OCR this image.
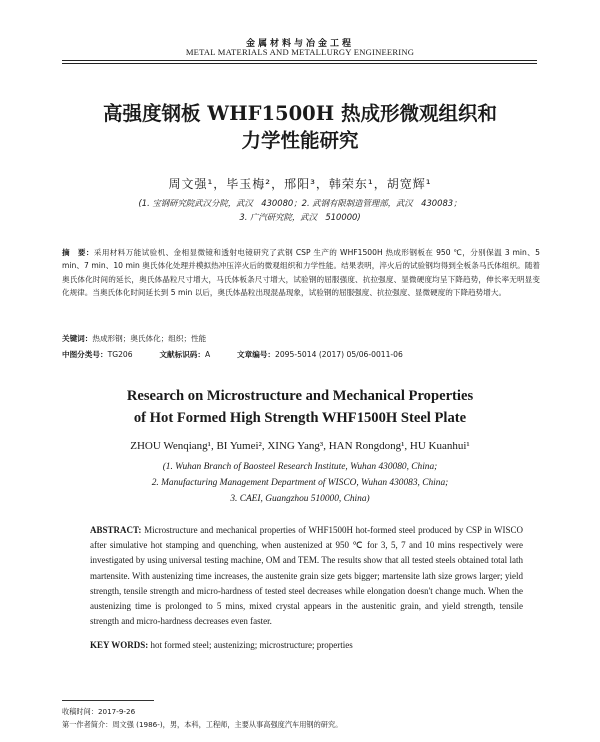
金属材料与冶金工程
METAL MATERIALS AND METALLURGY ENGINEERING
高强度钢板 WHF1500H 热成形微观组织和
力学性能研究
周文强¹，毕玉梅²，邢阳³，韩荣东¹，胡宽辉¹
(1. 宝钢研究院武汉分院，武汉　430080；2. 武钢有限制造管理部，武汉　430083；
3. 广汽研究院，武汉　510000)
摘　要：采用材料万能试验机、金相显微镜和透射电镜研究了武钢 CSP 生产的 WHF1500H 热成形钢板在 950 ℃，分别保温 3 min、5 min、7 min、10 min 奥氏体化处理并模拟热冲压淬火后的微观组织和力学性能。结果表明，淬火后的试验钢均得到全板条马氏体组织。随着奥氏体化时间的延长，奥氏体晶粒尺寸增大，马氏体板条尺寸增大，试验钢的屈服强度、抗拉强度、显微硬度均呈下降趋势，伸长率无明显变化规律。当奥氏体化时间延长到 5 min 以后，奥氏体晶粒出现混晶现象，试验钢的屈服强度、抗拉强度、显微硬度的下降趋势增大。
关键词：热成形钢；奥氏体化；组织；性能
中图分类号：TG206	文献标识码：A	文章编号：2095-5014 (2017) 05/06-0011-06
Research on Microstructure and Mechanical Properties
of Hot Formed High Strength WHF1500H Steel Plate
ZHOU Wenqiang¹, BI Yumei², XING Yang³, HAN Rongdong¹, HU Kuanhui¹
(1. Wuhan Branch of Baosteel Research Institute, Wuhan 430080, China;
2. Manufacturing Management Department of WISCO, Wuhan 430083, China;
3. CAEI, Guangzhou 510000, China)
ABSTRACT: Microstructure and mechanical properties of WHF1500H hot-formed steel produced by CSP in WISCO after simulative hot stamping and quenching, when austenized at 950 ℃ for 3, 5, 7 and 10 mins respectively were investigated by using universal testing machine, OM and TEM. The results show that all tested steels obtained total lath martensite. With austenizing time increases, the austenite grain size gets bigger; martensite lath size grows larger; yield strength, tensile strength and micro-hardness of tested steel decreases while elongation doesn't change much. When the austenizing time is prolonged to 5 mins, mixed crystal appears in the austenitic grain, and yield strength, tensile strength and micro-hardness decreases even faster.
KEY WORDS: hot formed steel; austenizing; microstructure; properties
收稿时间：2017-9-26
第一作者简介：周文强 (1986-)，男，本科，工程师，主要从事高强度汽车用钢的研究。
